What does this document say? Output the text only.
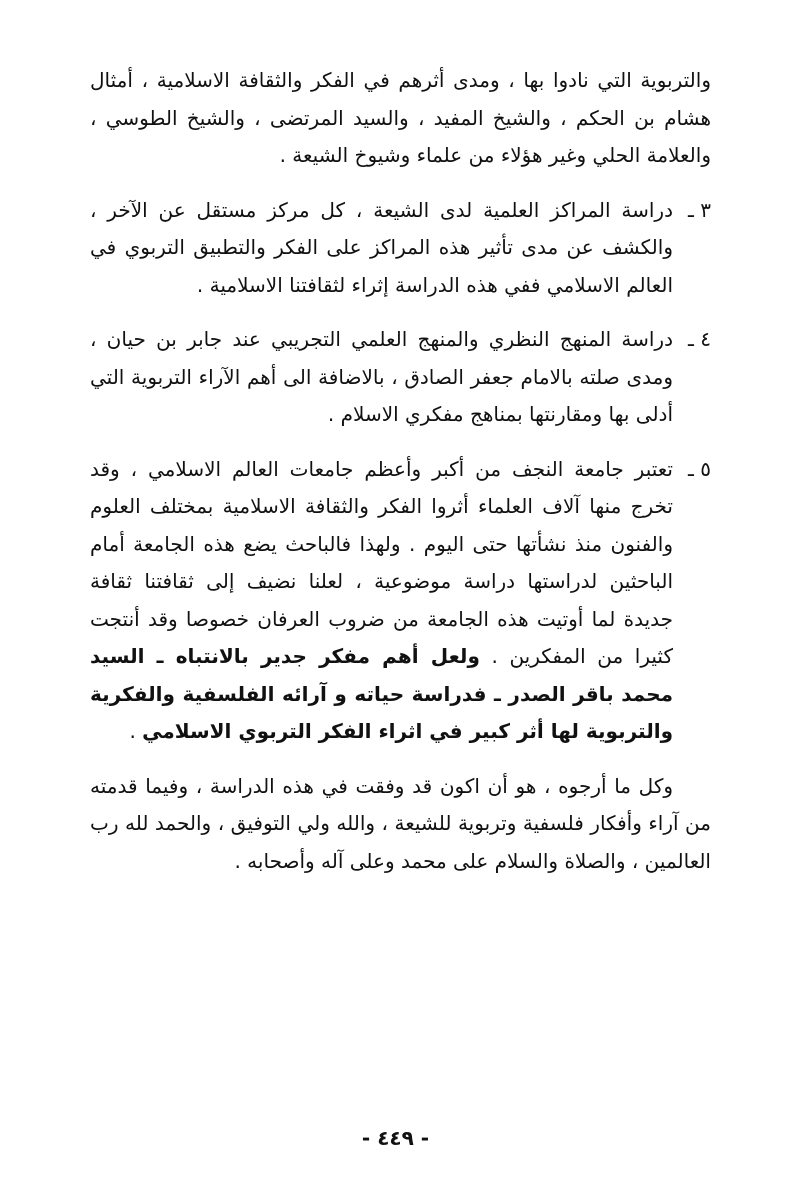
والتربوية التي نادوا بها ، ومدى أثرهم في الفكر والثقافة الاسلامية ، أمثال هشام بن الحكم ، والشيخ المفيد ، والسيد المرتضى ، والشيخ الطوسي ، والعلامة الحلي وغير هؤلاء من علماء وشيوخ الشيعة .

٣ ـ
دراسة المراكز العلمية لدى الشيعة ، كل مركز مستقل عن الآخر ، والكشف عن مدى تأثير هذه المراكز على الفكر والتطبيق التربوي في العالم الاسلامي ففي هذه الدراسة إثراء لثقافتنا الاسلامية .

٤ ـ
دراسة المنهج النظري والمنهج العلمي التجريبي عند جابر بن حيان ، ومدى صلته بالامام جعفر الصادق ، بالاضافة الى أهم الآراء التربوية التي أدلى بها ومقارنتها بمناهج مفكري الاسلام .

٥ ـ
تعتبر جامعة النجف من أكبر وأعظم جامعات العالم الاسلامي ، وقد تخرج منها آلاف العلماء أثروا الفكر والثقافة الاسلامية بمختلف العلوم والفنون منذ نشأتها حتى اليوم . ولهذا فالباحث يضع هذه الجامعة أمام الباحثين لدراستها دراسة موضوعية ، لعلنا نضيف إلى ثقافتنا ثقافة جديدة لما أوتيت هذه الجامعة من ضروب العرفان خصوصا وقد أنتجت كثيرا من المفكرين . ولعل أهم مفكر جدير بالانتباه ـ السيد محمد باقر الصدر ـ فدراسة حياته و آرائه الفلسفية والفكرية والتربوية لها أثر كبير في اثراء الفكر التربوي الاسلامي .

وكل ما أرجوه ، هو أن اكون قد وفقت في هذه الدراسة ، وفيما قدمته من آراء وأفكار فلسفية وتربوية للشيعة ، والله ولي التوفيق ، والحمد لله رب العالمين ، والصلاة والسلام على محمد وعلى آله وأصحابه .

- ٤٤٩ -
